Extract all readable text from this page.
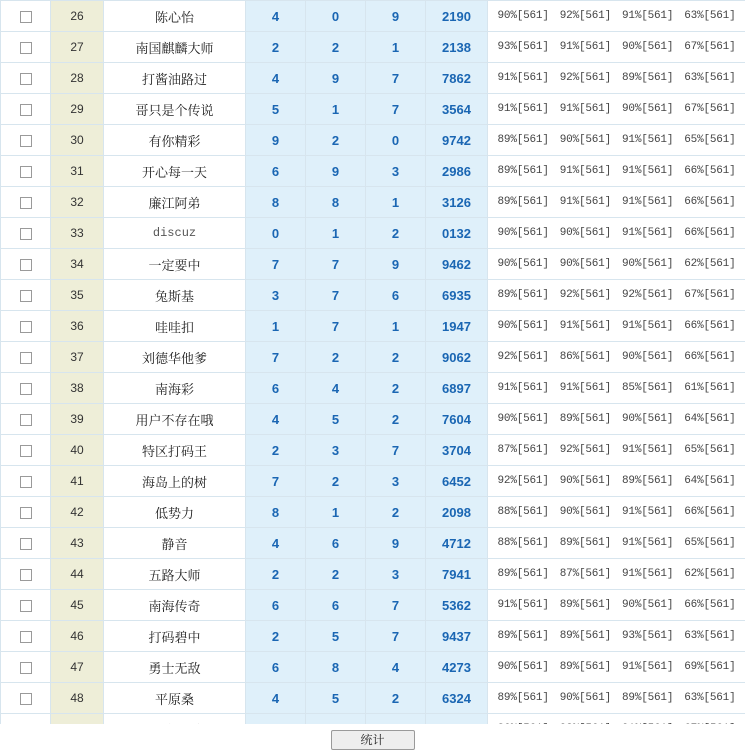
	26	陈心怡	4	0	9	2190	90%[561] 92%[561] 91%[561] 63%[561]

	27	南国麒麟大师	2	2	1	2138	93%[561] 91%[561] 90%[561] 67%[561]

	28	打酱油路过	4	9	7	7862	91%[561] 92%[561] 89%[561] 63%[561]

	29	哥只是个传说	5	1	7	3564	91%[561] 91%[561] 90%[561] 67%[561]

	30	有你精彩	9	2	0	9742	89%[561] 90%[561] 91%[561] 65%[561]

	31	开心每一天	6	9	3	2986	89%[561] 91%[561] 91%[561] 66%[561]

	32	廉江阿弟	8	8	1	3126	89%[561] 91%[561] 91%[561] 66%[561]

	33	discuz	0	1	2	0132	90%[561] 90%[561] 91%[561] 66%[561]

	34	一定要中	7	7	9	9462	90%[561] 90%[561] 90%[561] 62%[561]

	35	兔斯基	3	7	6	6935	89%[561] 92%[561] 92%[561] 67%[561]

	36	哇哇扣	1	7	1	1947	90%[561] 91%[561] 91%[561] 66%[561]

	37	刘德华他爹	7	2	2	9062	92%[561] 86%[561] 90%[561] 66%[561]

	38	南海彩	6	4	2	6897	91%[561] 91%[561] 85%[561] 61%[561]

	39	用户不存在哦	4	5	2	7604	90%[561] 89%[561] 90%[561] 64%[561]

	40	特区打码王	2	3	7	3704	87%[561] 92%[561] 91%[561] 65%[561]

	41	海岛上的树	7	2	3	6452	92%[561] 90%[561] 89%[561] 64%[561]

	42	低势力	8	1	2	2098	88%[561] 90%[561] 91%[561] 66%[561]

	43	静音	4	6	9	4712	88%[561] 89%[561] 91%[561] 65%[561]

	44	五路大师	2	2	3	7941	89%[561] 87%[561] 91%[561] 62%[561]

	45	南海传奇	6	6	7	5362	91%[561] 89%[561] 90%[561] 66%[561]

	46	打码碧中	2	5	7	9437	89%[561] 89%[561] 93%[561] 63%[561]

	47	勇士无敌	6	8	4	4273	90%[561] 89%[561] 91%[561] 69%[561]

	48	平原桑	4	5	2	6324	89%[561] 90%[561] 89%[561] 63%[561]

统计
